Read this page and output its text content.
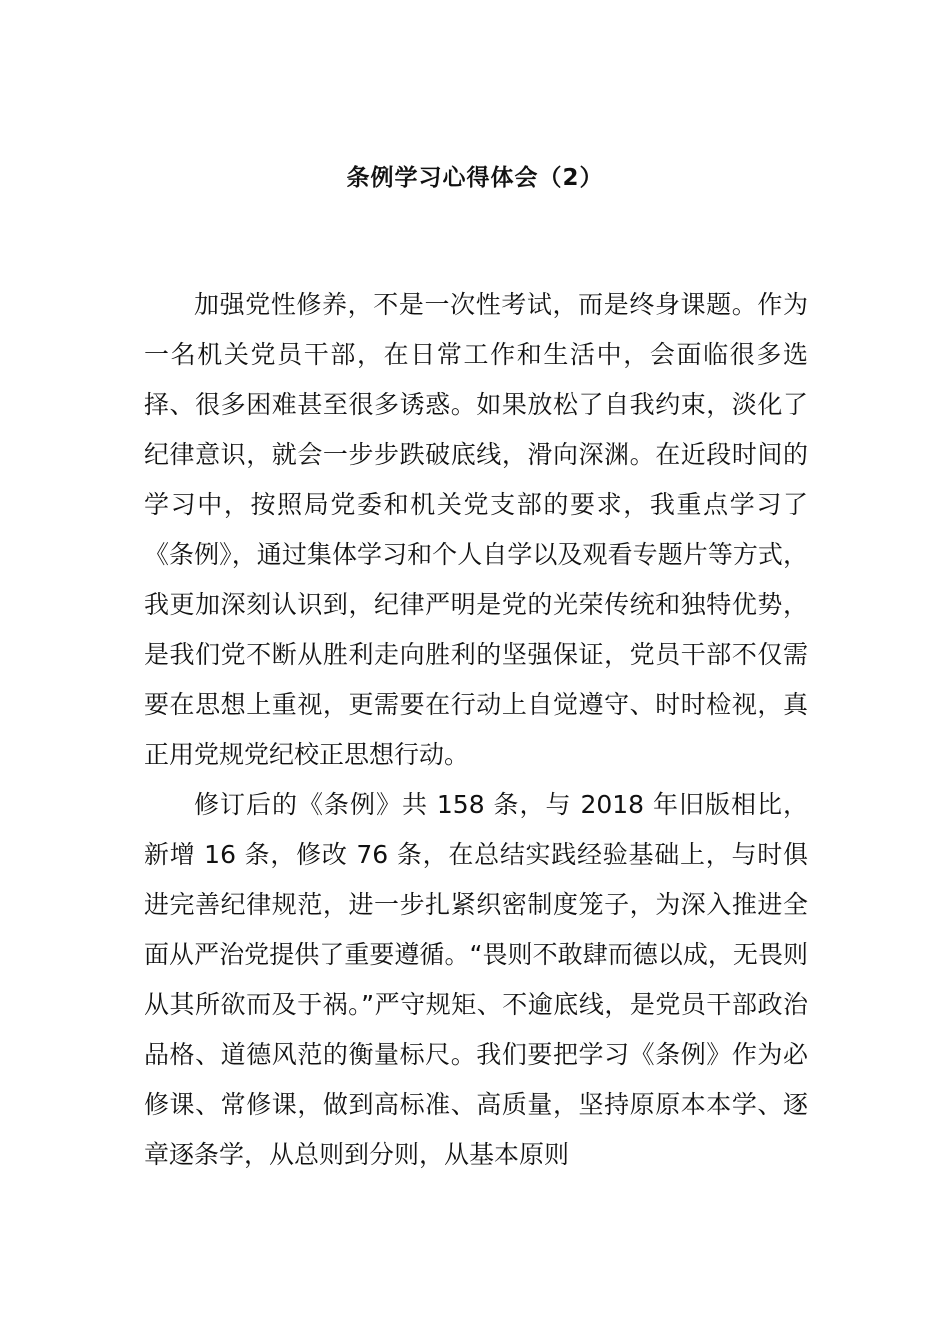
条例学习心得体会（2）

加强党性修养，不是一次性考试，而是终身课题。作为一名机关党员干部，在日常工作和生活中，会面临很多选择、很多困难甚至很多诱惑。如果放松了自我约束，淡化了纪律意识，就会一步步跌破底线，滑向深渊。在近段时间的学习中，按照局党委和机关党支部的要求，我重点学习了《条例》，通过集体学习和个人自学以及观看专题片等方式，我更加深刻认识到，纪律严明是党的光荣传统和独特优势，是我们党不断从胜利走向胜利的坚强保证，党员干部不仅需要在思想上重视，更需要在行动上自觉遵守、时时检视，真正用党规党纪校正思想行动。

修订后的《条例》共 158 条，与 2018 年旧版相比，新增 16 条，修改 76 条，在总结实践经验基础上，与时俱进完善纪律规范，进一步扎紧织密制度笼子，为深入推进全面从严治党提供了重要遵循。“畏则不敢肆而德以成，无畏则从其所欲而及于祸。”严守规矩、不逾底线，是党员干部政治品格、道德风范的衡量标尺。我们要把学习《条例》作为必修课、常修课，做到高标准、高质量，坚持原原本本学、逐章逐条学，从总则到分则，从基本原则
